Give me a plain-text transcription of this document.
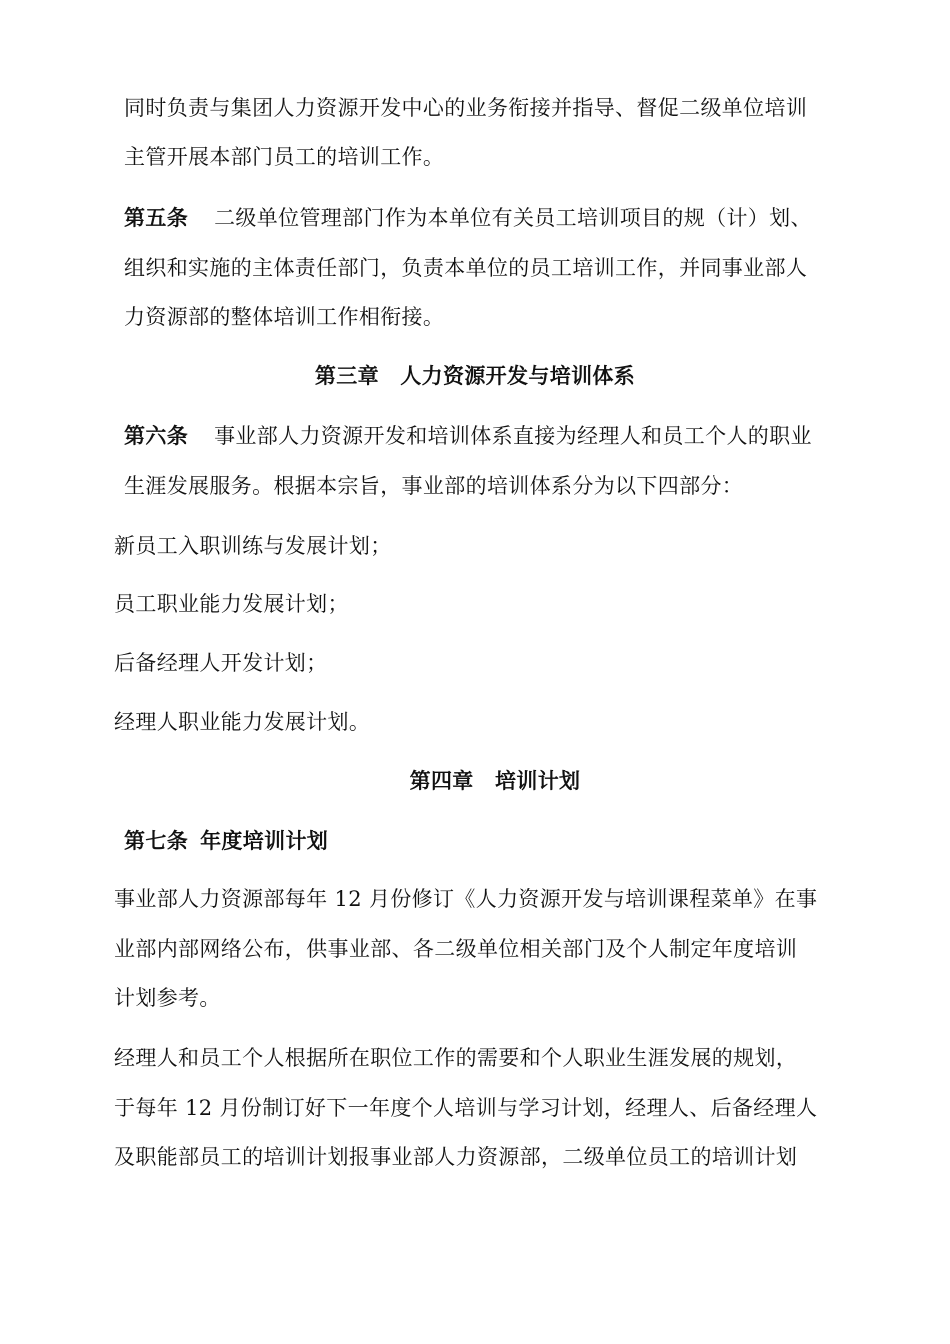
同时负责与集团人力资源开发中心的业务衔接并指导、督促二级单位培训
主管开展本部门员工的培训工作。
第五条 二级单位管理部门作为本单位有关员工培训项目的规（计）划、
组织和实施的主体责任部门，负责本单位的员工培训工作，并同事业部人
力资源部的整体培训工作相衔接。
第三章　人力资源开发与培训体系
第六条 事业部人力资源开发和培训体系直接为经理人和员工个人的职业
生涯发展服务。根据本宗旨，事业部的培训体系分为以下四部分：
新员工入职训练与发展计划；
员工职业能力发展计划；
后备经理人开发计划；
经理人职业能力发展计划。
第四章　培训计划
第七条 年度培训计划
事业部人力资源部每年 12 月份修订《人力资源开发与培训课程菜单》在事
业部内部网络公布，供事业部、各二级单位相关部门及个人制定年度培训
计划参考。
经理人和员工个人根据所在职位工作的需要和个人职业生涯发展的规划，
于每年 12 月份制订好下一年度个人培训与学习计划，经理人、后备经理人
及职能部员工的培训计划报事业部人力资源部，二级单位员工的培训计划
